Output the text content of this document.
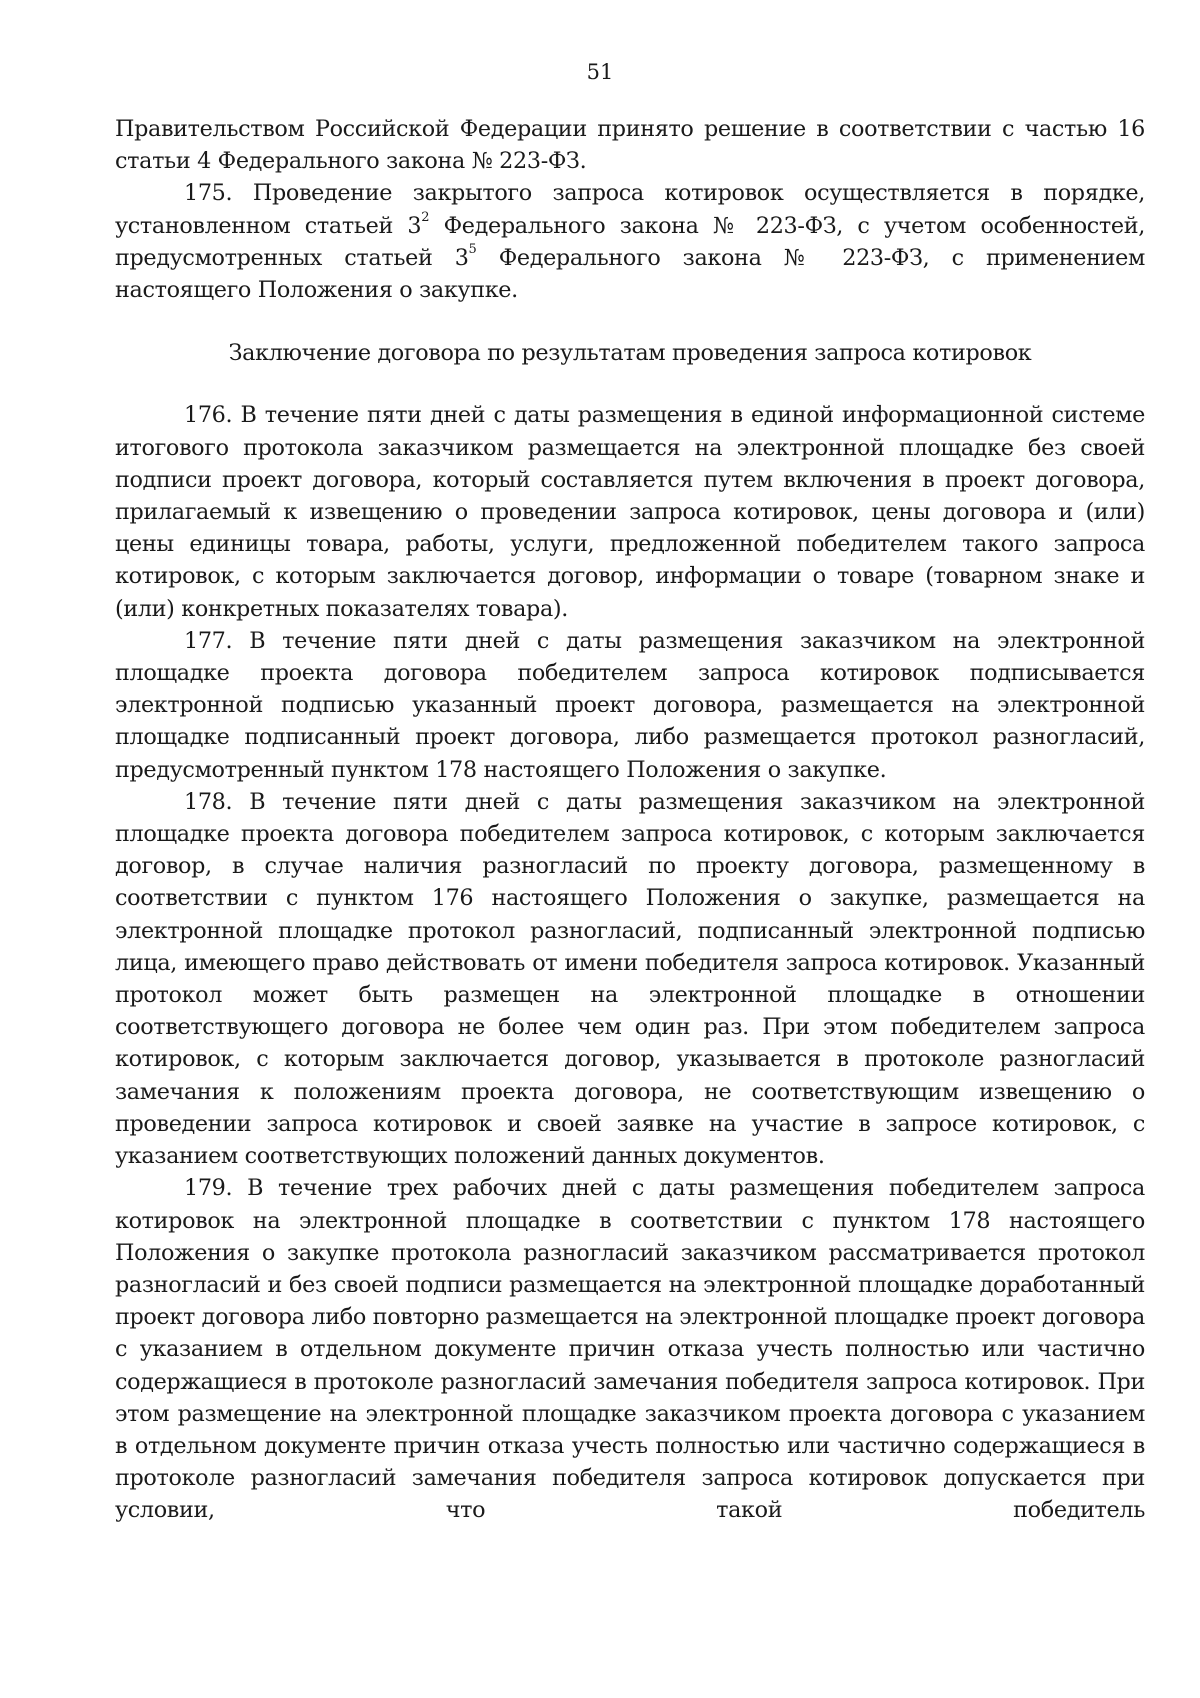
51

Правительством Российской Федерации принято решение в соответствии с частью 16 статьи 4 Федерального закона № 223-ФЗ.

175. Проведение закрытого запроса котировок осуществляется в порядке, установленном статьей $3^2$ Федерального закона № 223-ФЗ, с учетом особенностей, предусмотренных статьей $3^5$ Федерального закона № 223-ФЗ, с применением настоящего Положения о закупке.

Заключение договора по результатам проведения запроса котировок

176. В течение пяти дней с даты размещения в единой информационной системе итогового протокола заказчиком размещается на электронной площадке без своей подписи проект договора, который составляется путем включения в проект договора, прилагаемый к извещению о проведении запроса котировок, цены договора и (или) цены единицы товара, работы, услуги, предложенной победителем такого запроса котировок, с которым заключается договор, информации о товаре (товарном знаке и (или) конкретных показателях товара).

177. В течение пяти дней с даты размещения заказчиком на электронной площадке проекта договора победителем запроса котировок подписывается электронной подписью указанный проект договора, размещается на электронной площадке подписанный проект договора, либо размещается протокол разногласий, предусмотренный пунктом 178 настоящего Положения о закупке.

178. В течение пяти дней с даты размещения заказчиком на электронной площадке проекта договора победителем запроса котировок, с которым заключается договор, в случае наличия разногласий по проекту договора, размещенному в соответствии с пунктом 176 настоящего Положения о закупке, размещается на электронной площадке протокол разногласий, подписанный электронной подписью лица, имеющего право действовать от имени победителя запроса котировок. Указанный протокол может быть размещен на электронной площадке в отношении соответствующего договора не более чем один раз. При этом победителем запроса котировок, с которым заключается договор, указывается в протоколе разногласий замечания к положениям проекта договора, не соответствующим извещению о проведении запроса котировок и своей заявке на участие в запросе котировок, с указанием соответствующих положений данных документов.

179. В течение трех рабочих дней с даты размещения победителем запроса котировок на электронной площадке в соответствии с пунктом 178 настоящего Положения о закупке протокола разногласий заказчиком рассматривается протокол разногласий и без своей подписи размещается на электронной площадке доработанный проект договора либо повторно размещается на электронной площадке проект договора с указанием в отдельном документе причин отказа учесть полностью или частично содержащиеся в протоколе разногласий замечания победителя запроса котировок. При этом размещение на электронной площадке заказчиком проекта договора с указанием в отдельном документе причин отказа учесть полностью или частично содержащиеся в протоколе разногласий замечания победителя запроса котировок допускается при условии, что такой победитель
